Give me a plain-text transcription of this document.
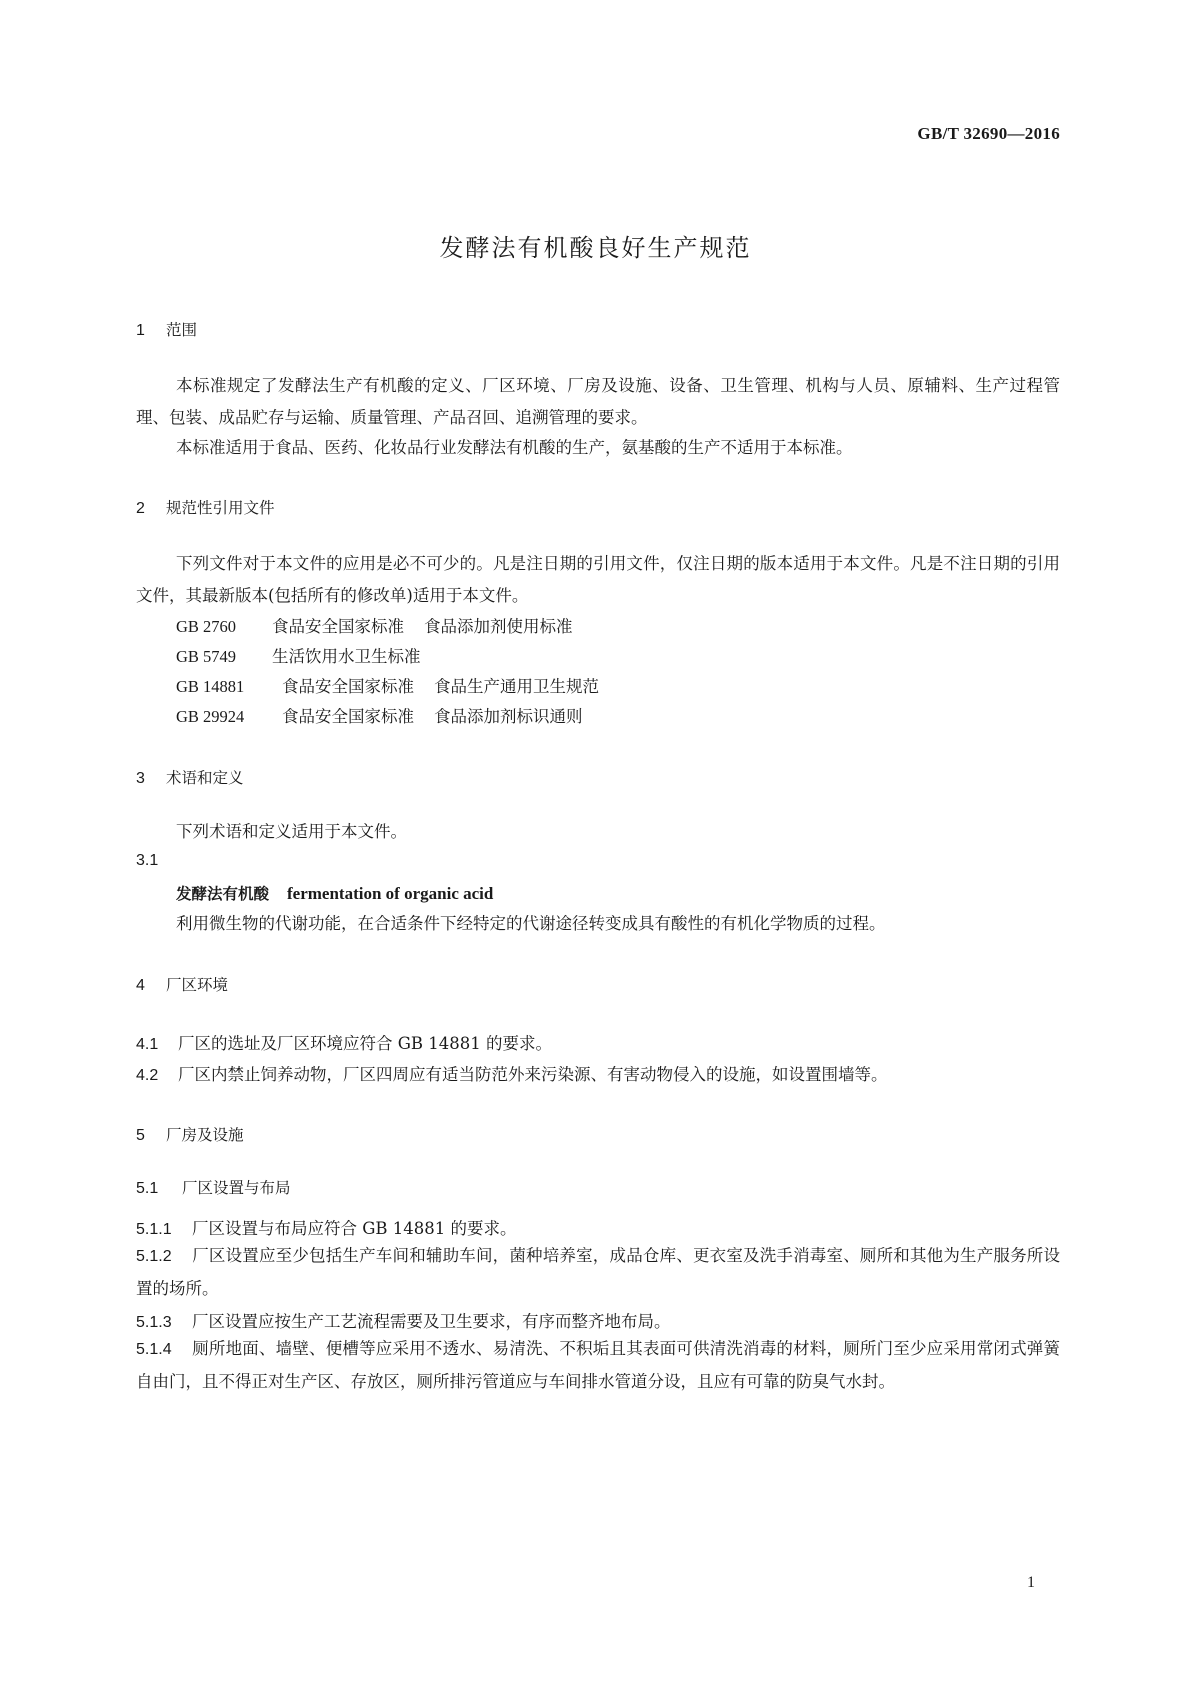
GB/T 32690—2016
发酵法有机酸良好生产规范
1 范围
本标准规定了发酵法生产有机酸的定义、厂区环境、厂房及设施、设备、卫生管理、机构与人员、原辅料、生产过程管理、包装、成品贮存与运输、质量管理、产品召回、追溯管理的要求。
本标准适用于食品、医药、化妆品行业发酵法有机酸的生产，氨基酸的生产不适用于本标准。
2 规范性引用文件
下列文件对于本文件的应用是必不可少的。凡是注日期的引用文件，仅注日期的版本适用于本文件。凡是不注日期的引用文件，其最新版本(包括所有的修改单)适用于本文件。
GB 2760 食品安全国家标准 食品添加剂使用标准
GB 5749 生活饮用水卫生标准
GB 14881 食品安全国家标准 食品生产通用卫生规范
GB 29924 食品安全国家标准 食品添加剂标识通则
3 术语和定义
下列术语和定义适用于本文件。
3.1
发酵法有机酸 fermentation of organic acid
利用微生物的代谢功能，在合适条件下经特定的代谢途径转变成具有酸性的有机化学物质的过程。
4 厂区环境
4.1 厂区的选址及厂区环境应符合 GB 14881 的要求。
4.2 厂区内禁止饲养动物，厂区四周应有适当防范外来污染源、有害动物侵入的设施，如设置围墙等。
5 厂房及设施
5.1 厂区设置与布局
5.1.1 厂区设置与布局应符合 GB 14881 的要求。
5.1.2 厂区设置应至少包括生产车间和辅助车间，菌种培养室，成品仓库、更衣室及洗手消毒室、厕所和其他为生产服务所设置的场所。
5.1.3 厂区设置应按生产工艺流程需要及卫生要求，有序而整齐地布局。
5.1.4 厕所地面、墙壁、便槽等应采用不透水、易清洗、不积垢且其表面可供清洗消毒的材料，厕所门至少应采用常闭式弹簧自由门，且不得正对生产区、存放区，厕所排污管道应与车间排水管道分设，且应有可靠的防臭气水封。
1
